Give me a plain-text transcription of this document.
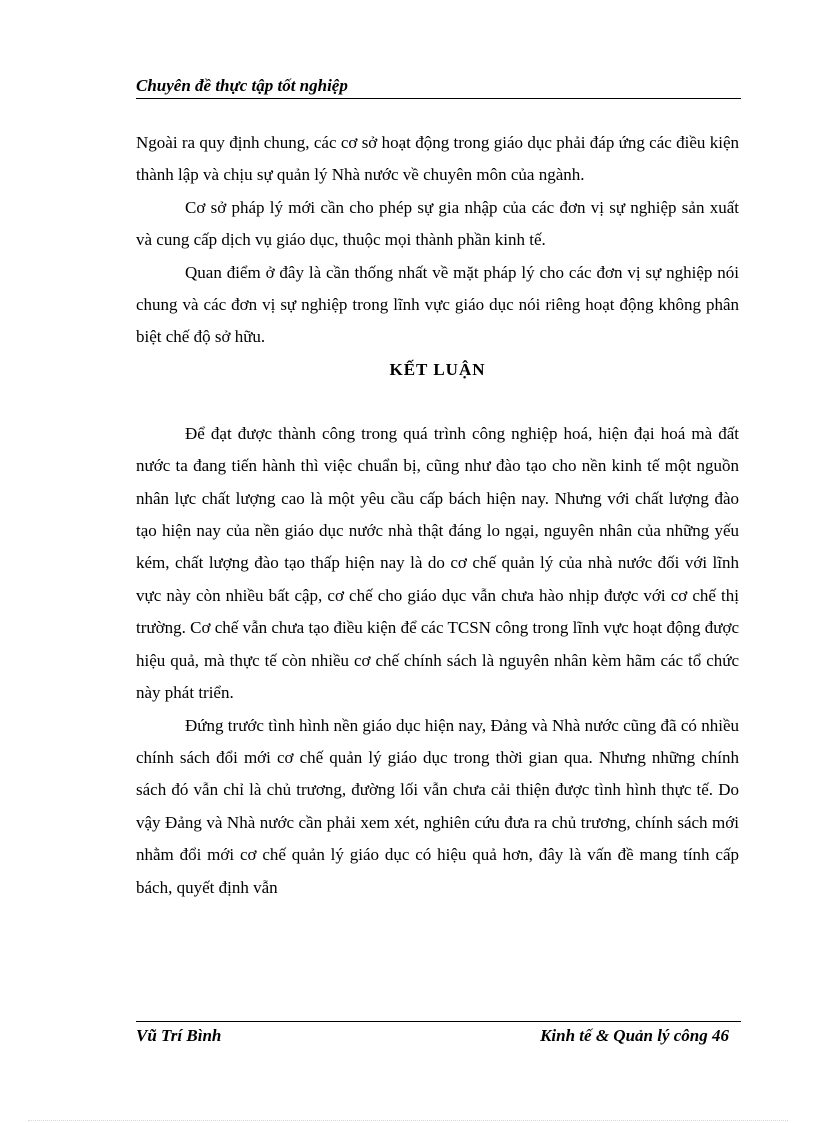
Chuyên đề thực tập tốt nghiệp

Ngoài ra quy định chung, các cơ sở hoạt động trong giáo dục phải đáp ứng các điều kiện thành lập và chịu sự quản lý Nhà nước về chuyên môn của ngành.

Cơ sở pháp lý mới cần cho phép sự gia nhập của các đơn vị sự nghiệp sản xuất và cung cấp dịch vụ giáo dục, thuộc mọi thành phần kinh tế.

Quan điểm ở đây là cần thống nhất về mặt pháp lý cho các đơn vị sự nghiệp nói chung và các đơn vị sự nghiệp trong lĩnh vực giáo dục nói riêng hoạt động không phân biệt chế độ sở hữu.

KẾT LUẬN

Để đạt được thành công trong quá trình công nghiệp hoá, hiện đại hoá mà đất nước ta đang tiến hành thì việc chuẩn bị, cũng như đào tạo cho nền kinh tế một nguồn nhân lực chất lượng cao là một yêu cầu cấp bách hiện nay. Nhưng với chất lượng đào tạo hiện nay của nền giáo dục nước nhà thật đáng lo ngại, nguyên nhân của những yếu kém, chất lượng đào tạo thấp hiện nay là do cơ chế quản lý của nhà nước đối với lĩnh vực này còn nhiều bất cập, cơ chế cho giáo dục vẫn chưa hào nhịp được với cơ chế thị trường. Cơ chế vẫn chưa tạo điều kiện để các TCSN công trong lĩnh vực hoạt động được hiệu quả, mà thực tế còn nhiều cơ chế chính sách là nguyên nhân kèm hãm các tổ chức này phát triển.

Đứng trước tình hình nền giáo dục hiện nay, Đảng và Nhà nước cũng đã có nhiều chính sách đổi mới cơ chế quản lý giáo dục trong thời gian qua. Nhưng những chính sách đó vẫn chỉ là chủ trương, đường lối vẫn chưa cải thiện được tình hình thực tế. Do vậy Đảng và Nhà nước cần phải xem xét, nghiên cứu đưa ra chủ trương, chính sách mới nhằm đổi mới cơ chế quản lý giáo dục có hiệu quả hơn, đây là vấn đề mang tính cấp bách, quyết định vẫn

Vũ Trí Bình	Kinh tế & Quản lý công 46
